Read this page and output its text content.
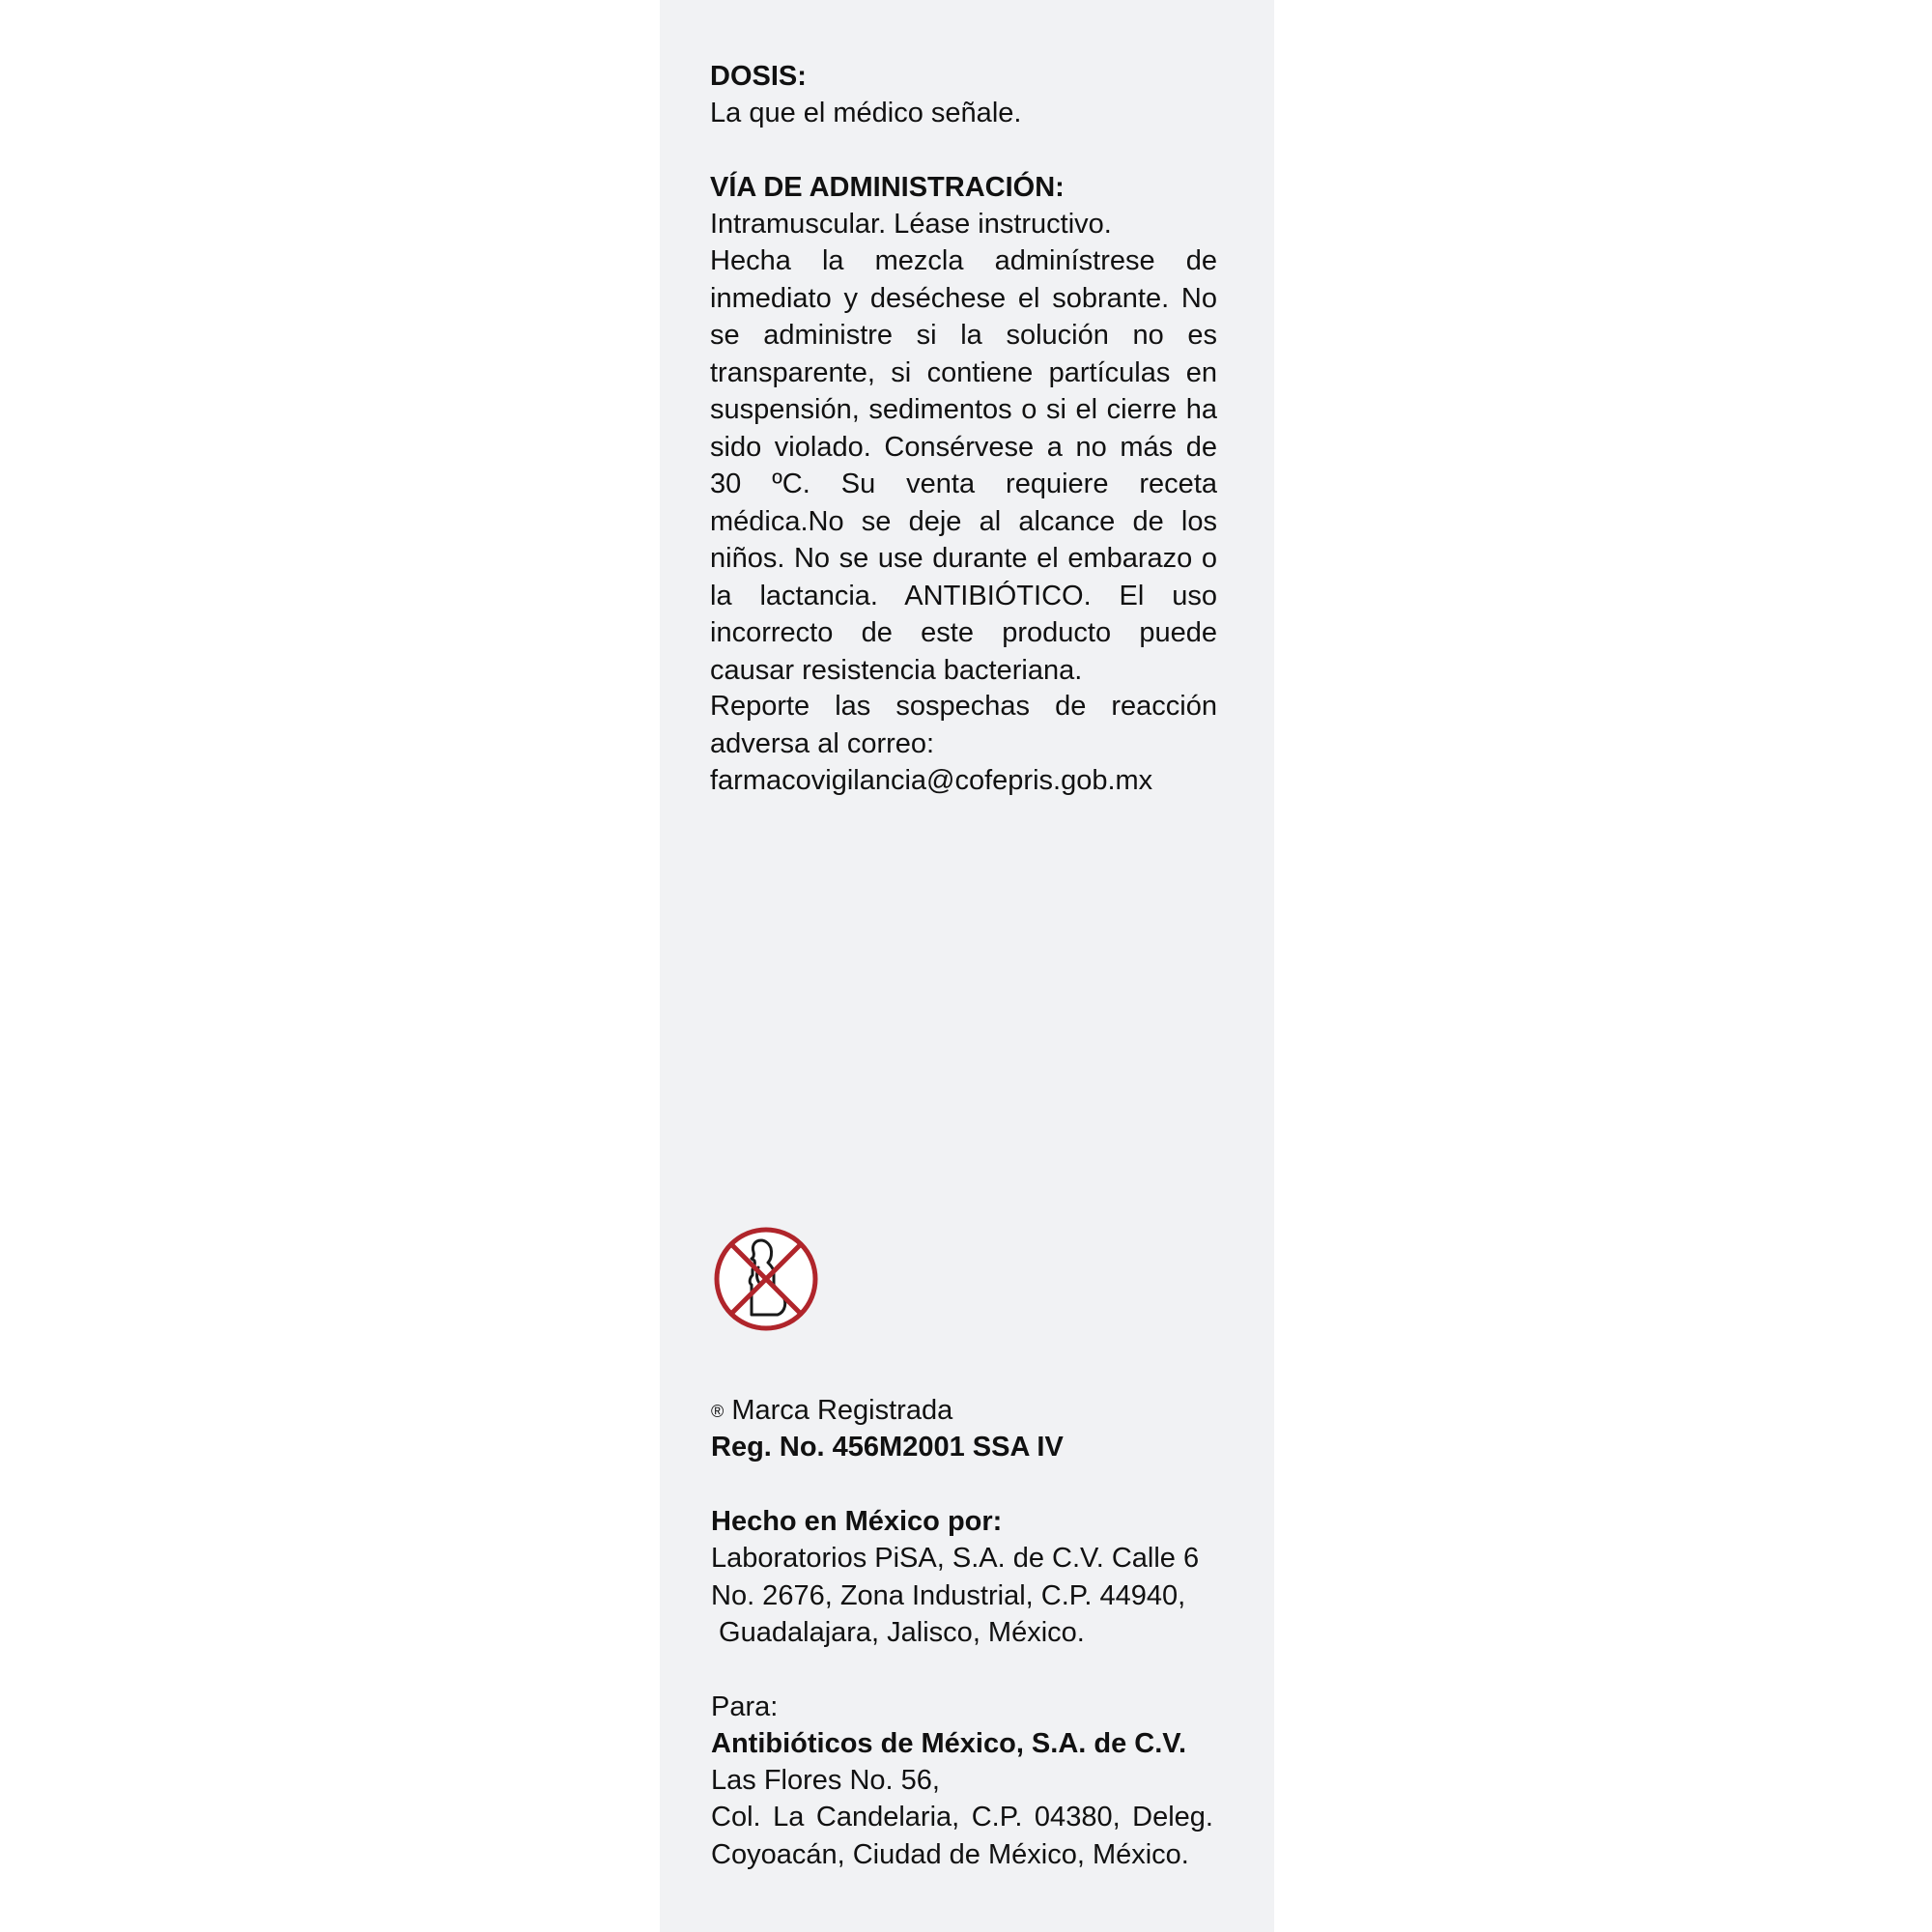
DOSIS:

La que el médico señale.

VÍA DE ADMINISTRACIÓN:

Intramuscular. Léase instructivo.

Hecha la mezcla adminístrese de inmediato y deséchese el sobrante. No se administre si la solución no es transparente, si contiene partículas en suspensión, sedimentos o si el cierre ha sido violado. Consérvese a no más de 30 ºC. Su venta requiere receta médica.No se deje al alcance de los niños. No se use durante el embarazo o la lactancia. ANTIBIÓTICO. El uso incorrecto de este producto puede causar resistencia bacteriana.

Reporte las sospechas de reacción adversa al correo:

farmacovigilancia@cofepris.gob.mx

® Marca Registrada

Reg. No. 456M2001 SSA IV

Hecho en México por:

Laboratorios PiSA, S.A. de C.V. Calle 6
No. 2676, Zona Industrial, C.P. 44940,
Guadalajara, Jalisco, México.

Para:

Antibióticos de México, S.A. de C.V.

Las Flores No. 56,

Col. La Candelaria, C.P. 04380, Deleg. Coyoacán, Ciudad de México, México.
